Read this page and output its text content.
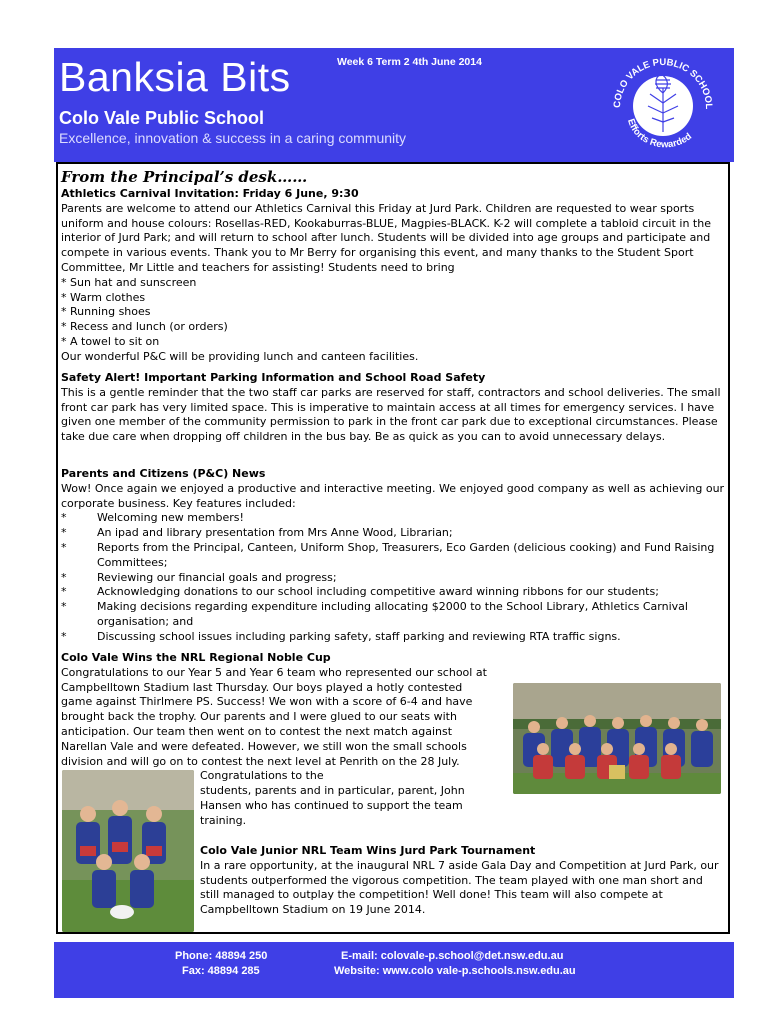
Banksia Bits	Week 6 Term 2 4th June 2014
Colo Vale Public School
Excellence, innovation & success in a caring community
COLO VALE PUBLIC SCHOOL
Efforts Rewarded
From the Principal’s desk……

Athletics Carnival Invitation: Friday 6 June, 9:30

Parents are welcome to attend our Athletics Carnival this Friday at Jurd Park. Children are requested to wear sports uniform and house colours: Rosellas-RED, Kookaburras-BLUE, Magpies-BLACK. K-2 will complete a tabloid circuit in the interior of Jurd Park; and will return to school after lunch. Students will be divided into age groups and participate and compete in various events. Thank you to Mr Berry for organising this event, and many thanks to the Student Sport Committee, Mr Little and teachers for assisting! Students need to bring

* Sun hat and sunscreen

* Warm clothes

* Running shoes

* Recess and lunch (or orders)

* A towel to sit on

Our wonderful P&C will be providing lunch and canteen facilities.

Safety Alert! Important Parking Information and School Road Safety

This is a gentle reminder that the two staff car parks are reserved for staff, contractors and school deliveries. The small front car park has very limited space. This is imperative to maintain access at all times for emergency services. I have given one member of the community permission to park in the front car park due to exceptional circumstances. Please take due care when dropping off children in the bus bay. Be as quick as you can to avoid unnecessary delays.

Parents and Citizens (P&C) News

Wow! Once again we enjoyed a productive and interactive meeting. We enjoyed good company as well as achieving our corporate business. Key features included:

*	Welcoming new members!
*	An ipad and library presentation from Mrs Anne Wood, Librarian;
*	Reports from the Principal, Canteen, Uniform Shop, Treasurers, Eco Garden (delicious cooking) and Fund Raising Committees;
*	Reviewing our financial goals and progress;
*	Acknowledging donations to our school including competitive award winning ribbons for our students;
*	Making decisions regarding expenditure including allocating $2000 to the School Library, Athletics Carnival organisation; and
*	Discussing school issues including parking safety, staff parking and reviewing RTA traffic signs.

Colo Vale Wins the NRL Regional Noble Cup

Congratulations to our Year 5 and Year 6 team who represented our school at

Campbelltown Stadium last Thursday. Our boys played a hotly contested

game against Thirlmere PS. Success! We won with a score of 6-4 and have

brought back the trophy. Our parents and I were glued to our seats with

anticipation. Our team then went on to contest the next match against

Narellan Vale and were defeated. However, we still won the small schools

division and will go on to contest the next level at Penrith on the 28 July.

Congratulations to the

students, parents and in particular, parent, John

Hansen who has continued to support the team

training.

Colo Vale Junior NRL Team Wins Jurd Park Tournament

In a rare opportunity, at the inaugural NRL 7 aside Gala Day and Competition at Jurd Park, our students outperformed the vigorous competition. The team played with one man short and still managed to outplay the competition! Well done! This team will also compete at Campbelltown Stadium on 19 June 2014.

Phone: 48894 250
Fax: 48894 285
E-mail: colovale-p.school@det.nsw.edu.au
Website: www.colo vale-p.schools.nsw.edu.au
